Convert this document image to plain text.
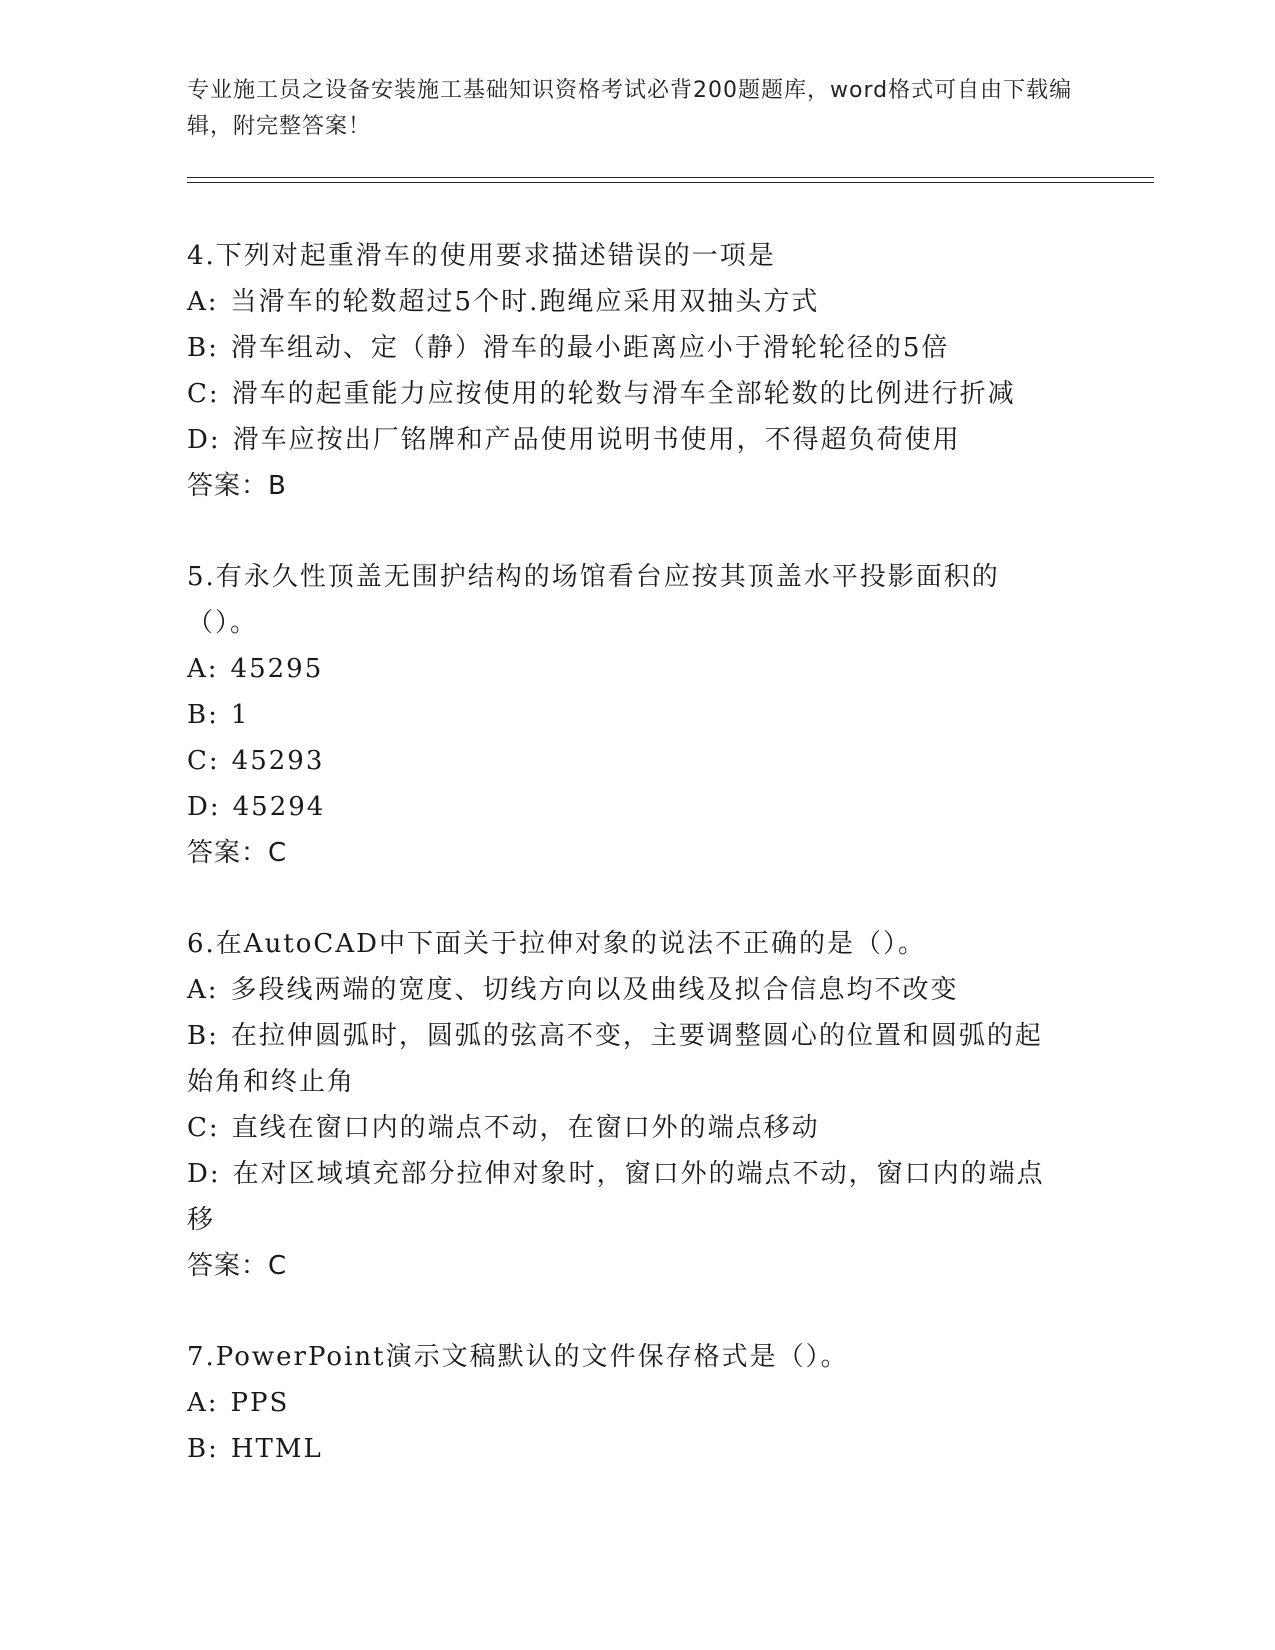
专业施工员之设备安装施工基础知识资格考试必背200题题库，word格式可自由下载编辑，附完整答案！
4.下列对起重滑车的使用要求描述错误的一项是
A: 当滑车的轮数超过5个时.跑绳应采用双抽头方式
B: 滑车组动、定（静）滑车的最小距离应小于滑轮轮径的5倍
C: 滑车的起重能力应按使用的轮数与滑车全部轮数的比例进行折减
D: 滑车应按出厂铭牌和产品使用说明书使用，不得超负荷使用
答案：B
5.有永久性顶盖无围护结构的场馆看台应按其顶盖水平投影面积的（）。
A: 45295
B: 1
C: 45293
D: 45294
答案：C
6.在AutoCAD中下面关于拉伸对象的说法不正确的是（）。
A: 多段线两端的宽度、切线方向以及曲线及拟合信息均不改变
B: 在拉伸圆弧时，圆弧的弦高不变，主要调整圆心的位置和圆弧的起始角和终止角
C: 直线在窗口内的端点不动，在窗口外的端点移动
D: 在对区域填充部分拉伸对象时，窗口外的端点不动，窗口内的端点移
答案：C
7.PowerPoint演示文稿默认的文件保存格式是（）。
A: PPS
B: HTML
